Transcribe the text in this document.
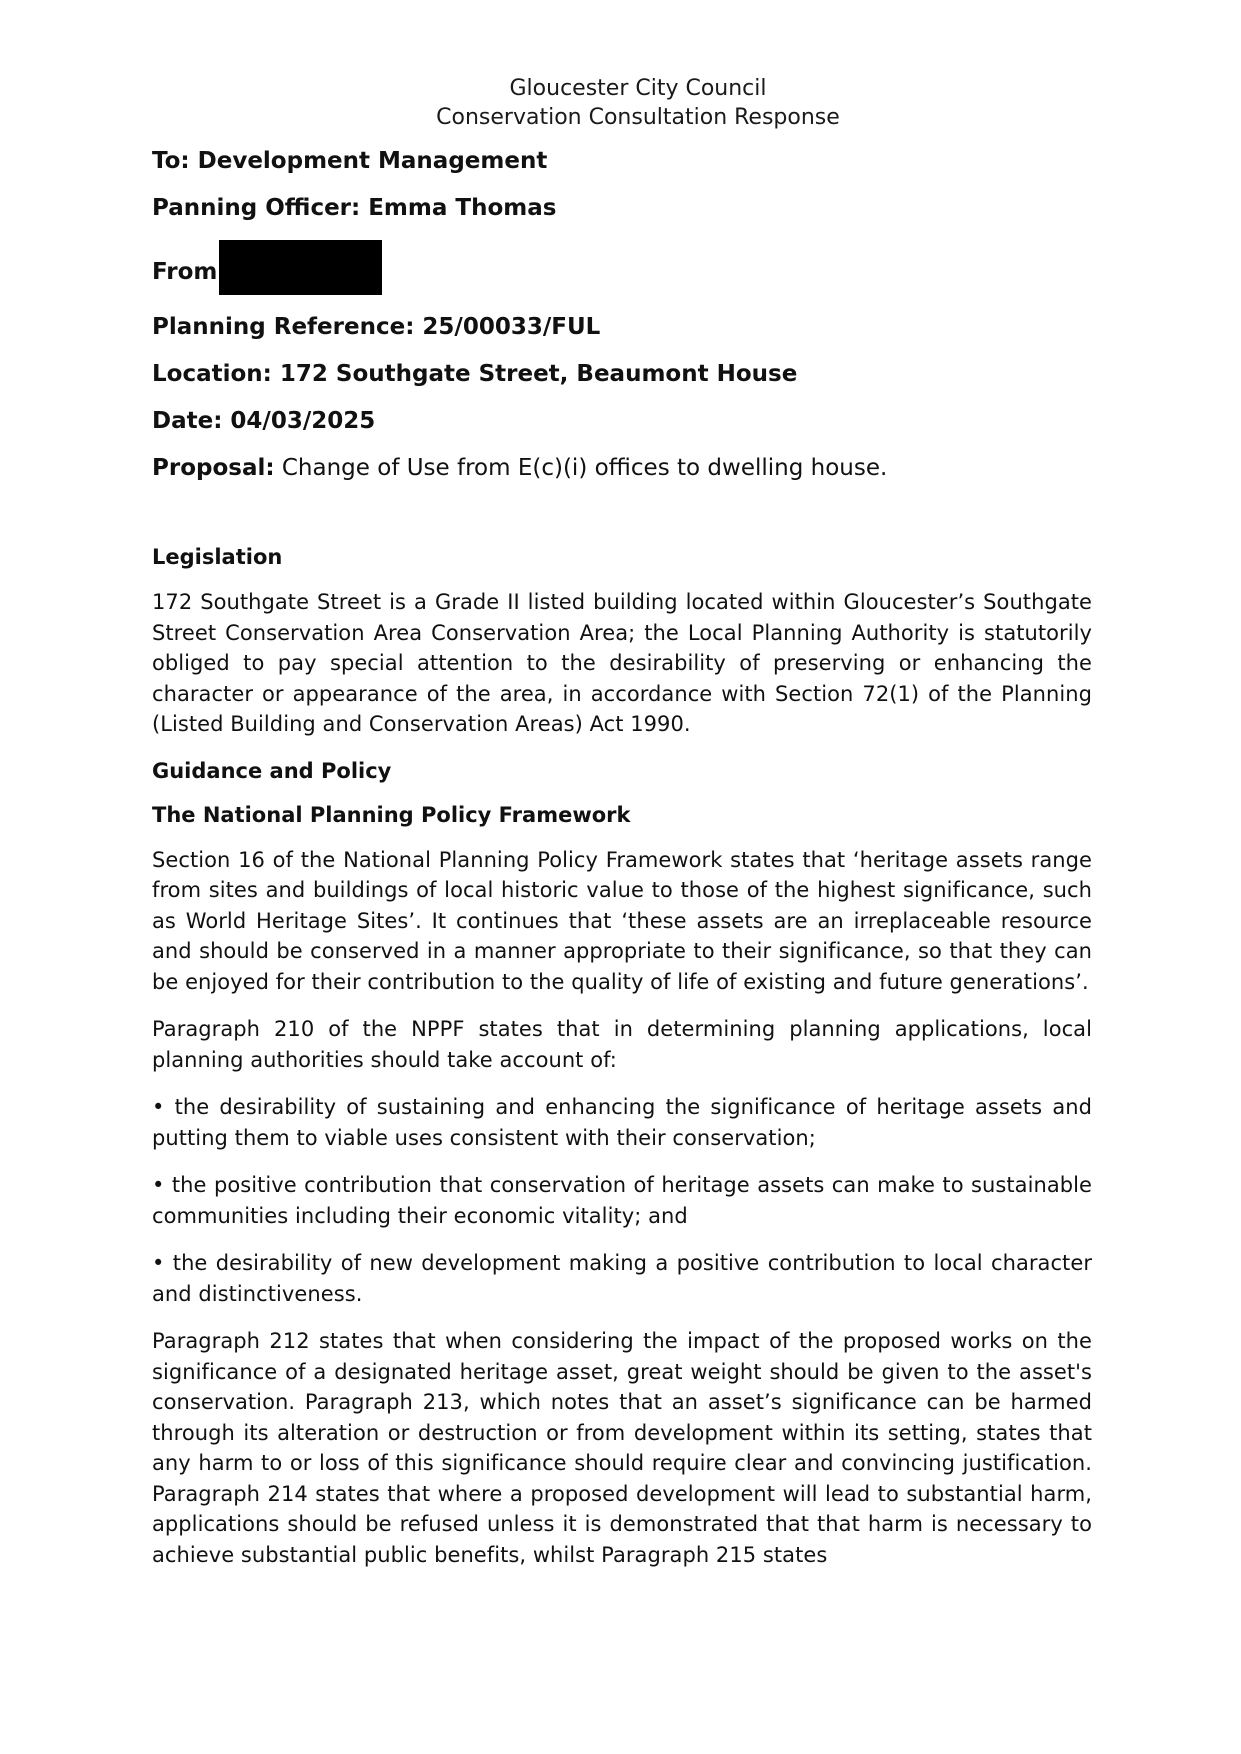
Gloucester City Council
Conservation Consultation Response
To: Development Management
Panning Officer: Emma Thomas
From
Planning Reference: 25/00033/FUL
Location: 172 Southgate Street, Beaumont House
Date: 04/03/2025
Proposal: Change of Use from E(c)(i) offices to dwelling house.
Legislation

172 Southgate Street is a Grade II listed building located within Gloucester’s Southgate Street Conservation Area Conservation Area; the Local Planning Authority is statutorily obliged to pay special attention to the desirability of preserving or enhancing the character or appearance of the area, in accordance with Section 72(1) of the Planning (Listed Building and Conservation Areas) Act 1990.

Guidance and Policy
The National Planning Policy Framework

Section 16 of the National Planning Policy Framework states that ‘heritage assets range from sites and buildings of local historic value to those of the highest significance, such as World Heritage Sites’. It continues that ‘these assets are an irreplaceable resource and should be conserved in a manner appropriate to their significance, so that they can be enjoyed for their contribution to the quality of life of existing and future generations’.

Paragraph 210 of the NPPF states that in determining planning applications, local planning authorities should take account of:

• the desirability of sustaining and enhancing the significance of heritage assets and putting them to viable uses consistent with their conservation;

• the positive contribution that conservation of heritage assets can make to sustainable communities including their economic vitality; and

• the desirability of new development making a positive contribution to local character and distinctiveness.

Paragraph 212 states that when considering the impact of the proposed works on the significance of a designated heritage asset, great weight should be given to the asset's conservation. Paragraph 213, which notes that an asset’s significance can be harmed through its alteration or destruction or from development within its setting, states that any harm to or loss of this significance should require clear and convincing justification. Paragraph 214 states that where a proposed development will lead to substantial harm, applications should be refused unless it is demonstrated that that harm is necessary to achieve substantial public benefits, whilst Paragraph 215 states
